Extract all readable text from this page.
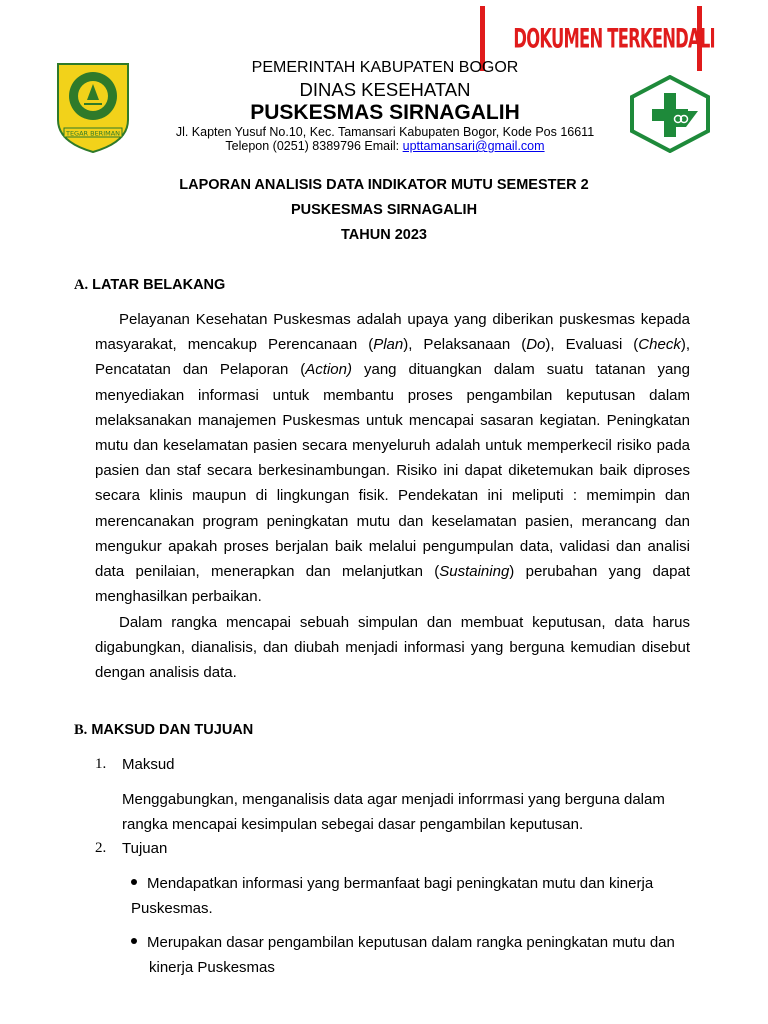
DOKUMEN TERKENDALI
TEGAR BERIMAN
PEMERINTAH KABUPATEN BOGOR
DINAS KESEHATAN
PUSKESMAS SIRNAGALIH
Jl. Kapten Yusuf No.10, Kec. Tamansari Kabupaten Bogor, Kode Pos 16611
Telepon (0251) 8389796 Email: upttamansari@gmail.com
LAPORAN ANALISIS DATA INDIKATOR MUTU SEMESTER 2
PUSKESMAS SIRNAGALIH
TAHUN 2023
A. LATAR BELAKANG

Pelayanan Kesehatan Puskesmas adalah upaya yang diberikan puskesmas kepada masyarakat, mencakup Perencanaan (Plan), Pelaksanaan (Do), Evaluasi (Check), Pencatatan dan Pelaporan (Action) yang dituangkan dalam suatu tatanan yang menyediakan informasi untuk membantu proses pengambilan keputusan dalam melaksanakan manajemen Puskesmas untuk mencapai sasaran kegiatan. Peningkatan mutu dan keselamatan pasien secara menyeluruh adalah untuk memperkecil risiko pada pasien dan staf secara berkesinambungan. Risiko ini dapat diketemukan baik diproses secara klinis maupun di lingkungan fisik. Pendekatan ini meliputi : memimpin dan merencanakan program peningkatan mutu dan keselamatan pasien, merancang dan mengukur apakah proses berjalan baik melalui pengumpulan data, validasi dan analisi data penilaian, menerapkan dan melanjutkan (Sustaining) perubahan yang dapat menghasilkan perbaikan.

Dalam rangka mencapai sebuah simpulan dan membuat keputusan, data harus digabungkan, dianalisis, dan diubah menjadi informasi yang berguna kemudian disebut dengan analisis data.

B. MAKSUD DAN TUJUAN
1. Maksud

Menggabungkan, menganalisis data agar menjadi inforrmasi yang berguna dalam rangka mencapai kesimpulan sebegai dasar pengambilan keputusan.

2. Tujuan

Mendapatkan informasi yang bermanfaat bagi peningkatan mutu dan kinerja Puskesmas.

Merupakan dasar pengambilan keputusan dalam rangka peningkatan mutu dan kinerja Puskesmas
